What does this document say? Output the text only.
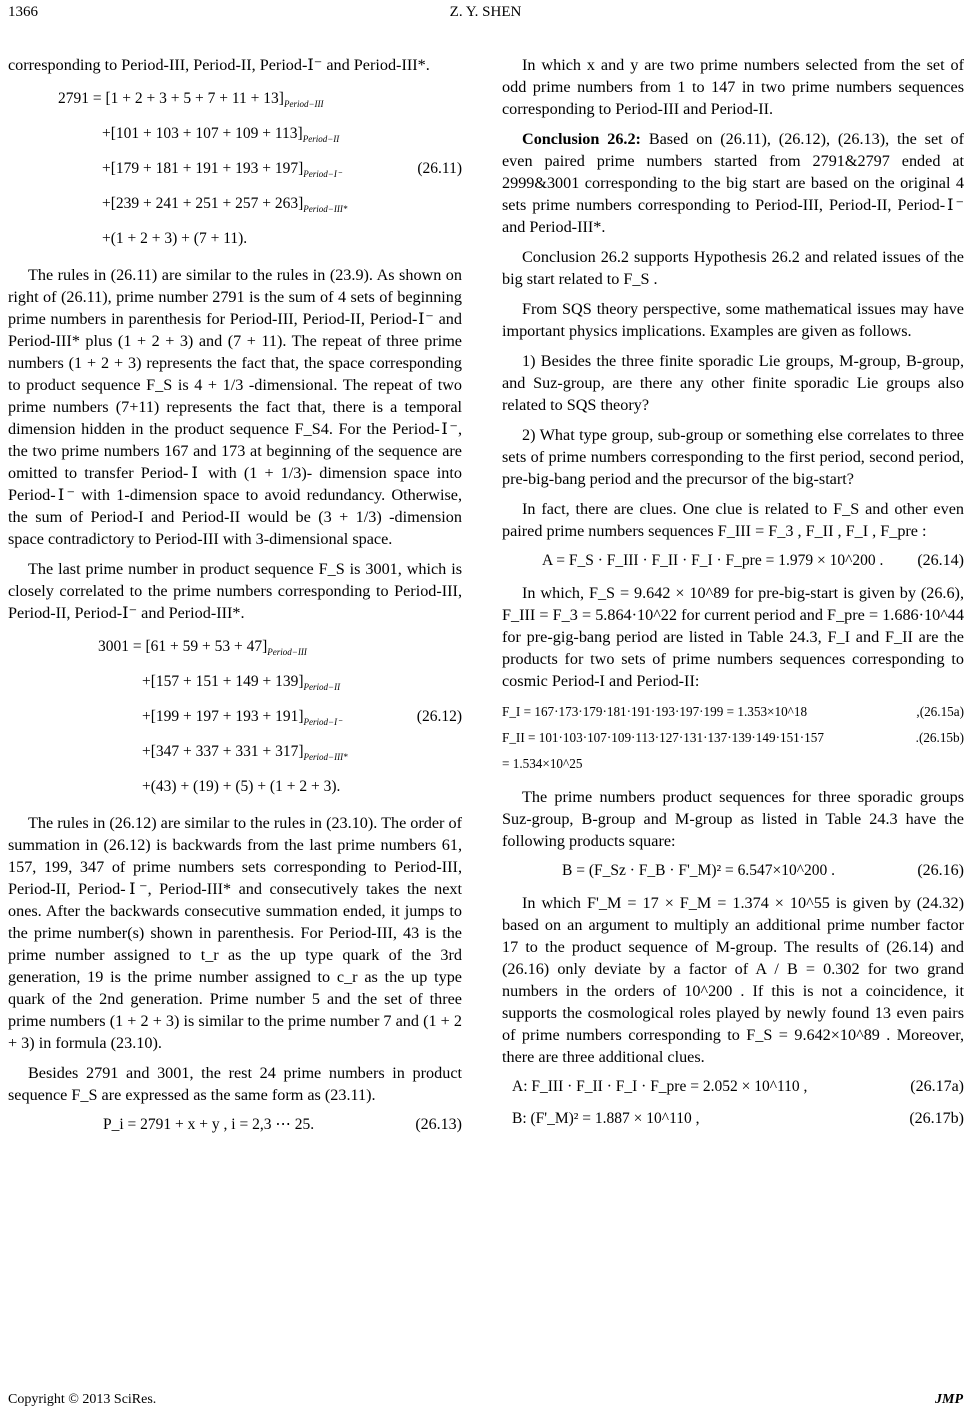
1366	Z. Y. SHEN

corresponding to Period-III, Period-II, Period-Ⅰ⁻ and Period-III*.

$2791 = [1 + 2 + 3 + 5 + 7 + 11 + 13]_{Period-III}$
$+[101 + 103 + 107 + 109 + 113]_{Period-II}$
$+[179 + 181 + 191 + 193 + 197]_{Period-I^-}$
$+[239 + 241 + 251 + 257 + 263]_{Period-III*}$
+(1 + 2 + 3) + (7 + 11).
(26.11)

The rules in (26.11) are similar to the rules in (23.9). As shown on right of (26.11), prime number 2791 is the sum of 4 sets of beginning prime numbers in parenthesis for Period-III, Period-II, Period-Ⅰ⁻ and Period-III* plus (1 + 2 + 3) and (7 + 11). The repeat of three prime numbers (1 + 2 + 3) represents the fact that, the space corresponding to product sequence F_S is 4 + 1/3 -dimensional. The repeat of two prime numbers (7+11) represents the fact that, there is a temporal dimension hidden in the product sequence F_S4. For the Period-Ⅰ⁻, the two prime numbers 167 and 173 at beginning of the sequence are omitted to transfer Period-Ⅰ with (1 + 1/3)- dimension space into Period-Ⅰ⁻ with 1-dimension space to avoid redundancy. Otherwise, the sum of Period-I and Period-II would be (3 + 1/3) -dimension space contradictory to Period-III with 3-dimensional space.

The last prime number in product sequence F_S is 3001, which is closely correlated to the prime numbers corresponding to Period-III, Period-II, Period-Ⅰ⁻ and Period-III*.

$3001 = [61 + 59 + 53 + 47]_{Period-III}$
$+[157 + 151 + 149 + 139]_{Period-II}$
$+[199 + 197 + 193 + 191]_{Period-I^-}$
$+[347 + 337 + 331 + 317]_{Period-III*}$
+(43) + (19) + (5) + (1 + 2 + 3).
(26.12)

The rules in (26.12) are similar to the rules in (23.10). The order of summation in (26.12) is backwards from the last prime numbers 61, 157, 199, 347 of prime numbers sets corresponding to Period-III, Period-II, Period-Ⅰ⁻, Period-III* and consecutively takes the next ones. After the backwards consecutive summation ended, it jumps to the prime number(s) shown in parenthesis. For Period-III, 43 is the prime number assigned to t_r as the up type quark of the 3rd generation, 19 is the prime number assigned to c_r as the up type quark of the 2nd generation. Prime number 5 and the set of three prime numbers (1 + 2 + 3) is similar to the prime number 7 and (1 + 2 + 3) in formula (23.10).

Besides 2791 and 3001, the rest 24 prime numbers in product sequence F_S are expressed as the same form as (23.11).

P_i = 2791 + x + y , i = 2,3 ⋯ 25.	(26.13)

In which x and y are two prime numbers selected from the set of odd prime numbers from 1 to 147 in two prime numbers sequences corresponding to Period-III and Period-II.

Conclusion 26.2: Based on (26.11), (26.12), (26.13), the set of even paired prime numbers started from 2791&2797 ended at 2999&3001 corresponding to the big start are based on the original 4 sets prime numbers corresponding to Period-III, Period-II, Period-Ⅰ⁻ and Period-III*.

Conclusion 26.2 supports Hypothesis 26.2 and related issues of the big start related to F_S .

From SQS theory perspective, some mathematical issues may have important physics implications. Examples are given as follows.

1) Besides the three finite sporadic Lie groups, M-group, B-group, and Suz-group, are there any other finite sporadic Lie groups also related to SQS theory?

2) What type group, sub-group or something else correlates to three sets of prime numbers corresponding to the first period, second period, pre-big-bang period and the precursor of the big-start?

In fact, there are clues. One clue is related to F_S and other even paired prime numbers sequences F_III = F_3 , F_II , F_I , F_pre :

A = F_S · F_III · F_II · F_I · F_pre = 1.979 × 10^200 . (26.14)

In which, F_S = 9.642 × 10^89 for pre-big-start is given by (26.6), F_III = F_3 = 5.864·10^22 for current period and F_pre = 1.686·10^44 for pre-gig-bang period are listed in Table 24.3, F_I and F_II are the products for two sets of prime numbers sequences corresponding to cosmic Period-I and Period-II:

F_I = 167·173·179·181·191·193·197·199 = 1.353×10^18	,(26.15a)
F_II = 101·103·107·109·113·127·131·137·139·149·151·157	.(26.15b)
= 1.534×10^25

The prime numbers product sequences for three sporadic groups Suz-group, B-group and M-group as listed in Table 24.3 have the following products square:

B = (F_Sz · F_B · F'_M)² = 6.547×10^200 .	(26.16)

In which F'_M = 17 × F_M = 1.374 × 10^55 is given by (24.32) based on an argument to multiply an additional prime number factor 17 to the product sequence of M-group. The results of (26.14) and (26.16) only deviate by a factor of A / B = 0.302 for two grand numbers in the orders of 10^200 . If this is not a coincidence, it supports the cosmological roles played by newly found 13 even pairs of prime numbers corresponding to F_S = 9.642×10^89 . Moreover, there are three additional clues.

A: F_III · F_II · F_I · F_pre = 2.052 × 10^110 ,	(26.17a)
B: (F'_M)² = 1.887 × 10^110 ,	(26.17b)
Copyright © 2013 SciRes.	JMP
